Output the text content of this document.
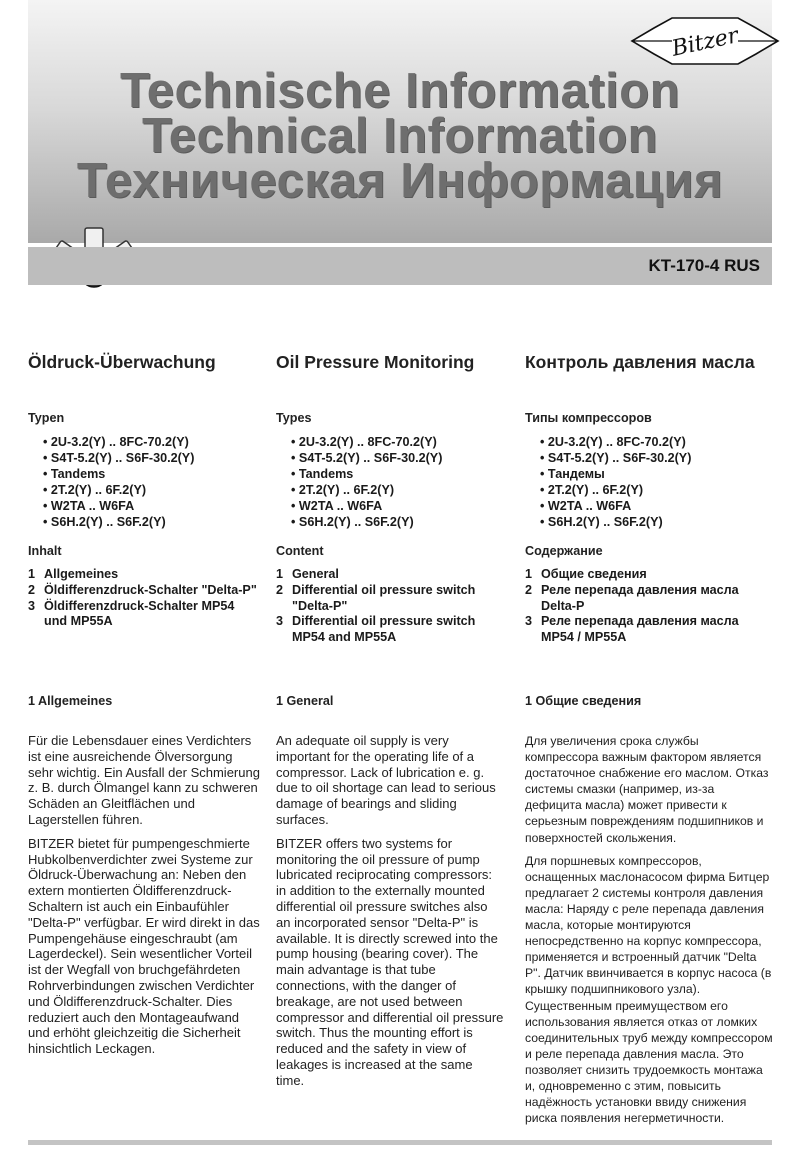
Technische Information
Technical Information
Техническая Информация
Bitzer
KT-170-4 RUS
Öldruck-Überwachung
Typen
• 2U-3.2(Y) .. 8FC-70.2(Y)
• S4T-5.2(Y) .. S6F-30.2(Y)
• Tandems
• 2T.2(Y) .. 6F.2(Y)
• W2TA .. W6FA
• S6H.2(Y) .. S6F.2(Y)
Inhalt
1 Allgemeines
2 Öldifferenzdruck-Schalter "Delta-P"
3 Öldifferenzdruck-Schalter MP54 und MP55A
1 Allgemeines

Für die Lebensdauer eines Verdichters ist eine ausreichende Ölversorgung sehr wichtig. Ein Ausfall der Schmierung z. B. durch Ölmangel kann zu schweren Schäden an Gleitflächen und Lagerstellen führen.

BITZER bietet für pumpengeschmierte Hubkolbenverdichter zwei Systeme zur Öldruck-Überwachung an: Neben den extern montierten Öldifferenzdruck-Schaltern ist auch ein Einbaufühler "Delta-P" verfügbar. Er wird direkt in das Pumpengehäuse eingeschraubt (am Lagerdeckel). Sein wesentlicher Vorteil ist der Wegfall von bruchgefährdeten Rohrverbindungen zwischen Verdichter und Öldifferenzdruck-Schalter. Dies reduziert auch den Montageaufwand und erhöht gleichzeitig die Sicherheit hinsichtlich Leckagen.

Oil Pressure Monitoring
Types
• 2U-3.2(Y) .. 8FC-70.2(Y)
• S4T-5.2(Y) .. S6F-30.2(Y)
• Tandems
• 2T.2(Y) .. 6F.2(Y)
• W2TA .. W6FA
• S6H.2(Y) .. S6F.2(Y)
Content
1 General
2 Differential oil pressure switch "Delta-P"
3 Differential oil pressure switch MP54 and MP55A
1 General

An adequate oil supply is very important for the operating life of a compressor. Lack of lubrication e. g. due to oil shortage can lead to serious damage of bearings and sliding surfaces.

BITZER offers two systems for monitoring the oil pressure of pump lubricated reciprocating compressors: in addition to the externally mounted differential oil pressure switches also an incorporated sensor "Delta-P" is available. It is directly screwed into the pump housing (bearing cover). The main advantage is that tube connections, with the danger of breakage, are not used between compressor and differential oil pressure switch. Thus the mounting effort is reduced and the safety in view of leakages is increased at the same time.

Контроль давления масла
Типы компрессоров
• 2U-3.2(Y) .. 8FC-70.2(Y)
• S4T-5.2(Y) .. S6F-30.2(Y)
• Тандемы
• 2T.2(Y) .. 6F.2(Y)
• W2TA .. W6FA
• S6H.2(Y) .. S6F.2(Y)
Содержание
1 Общие сведения
2 Реле перепада давления масла Delta-P
3 Реле перепада давления масла MP54 / MP55A
1 Общие сведения

Для увеличения срока службы компрессора важным фактором является достаточное снабжение его маслом. Отказ системы смазки (например, из-за дефицита масла) может привести к серьезным повреждениям подшипников и поверхностей скольжения.

Для поршневых компрессоров, оснащенных маслонасосом фирма Битцер предлагает 2 системы контроля давления масла: Наряду с реле перепада давления масла, которые монтируются непосредственно на корпус компрессора, применяется и встроенный датчик "Delta P". Датчик ввинчивается в корпус насоса (в крышку подшипникового узла). Существенным преимуществом его использования является отказ от ломких соединительных труб между компрессором и реле перепада давления масла. Это позволяет снизить трудоемкость монтажа и, одновременно с этим, повысить надёжность установки ввиду снижения риска появления негерметичности.
